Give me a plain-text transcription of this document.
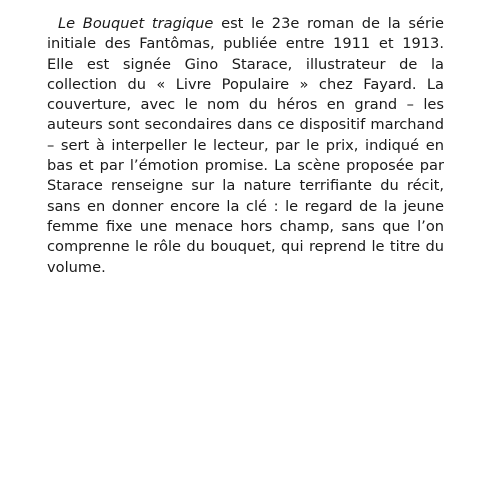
Le Bouquet tragique est le 23e roman de la série initiale des Fantômas, publiée entre 1911 et 1913. Elle est signée Gino Starace, illustrateur de la collection du « Livre Populaire » chez Fayard. La couverture, avec le nom du héros en grand – les auteurs sont secondaires dans ce dispositif marchand – sert à interpeller le lecteur, par le prix, indiqué en bas et par l’émotion promise. La scène proposée par Starace renseigne sur la nature terrifiante du récit, sans en donner encore la clé : le regard de la jeune femme fixe une menace hors champ, sans que l’on comprenne le rôle du bouquet, qui reprend le titre du volume.
